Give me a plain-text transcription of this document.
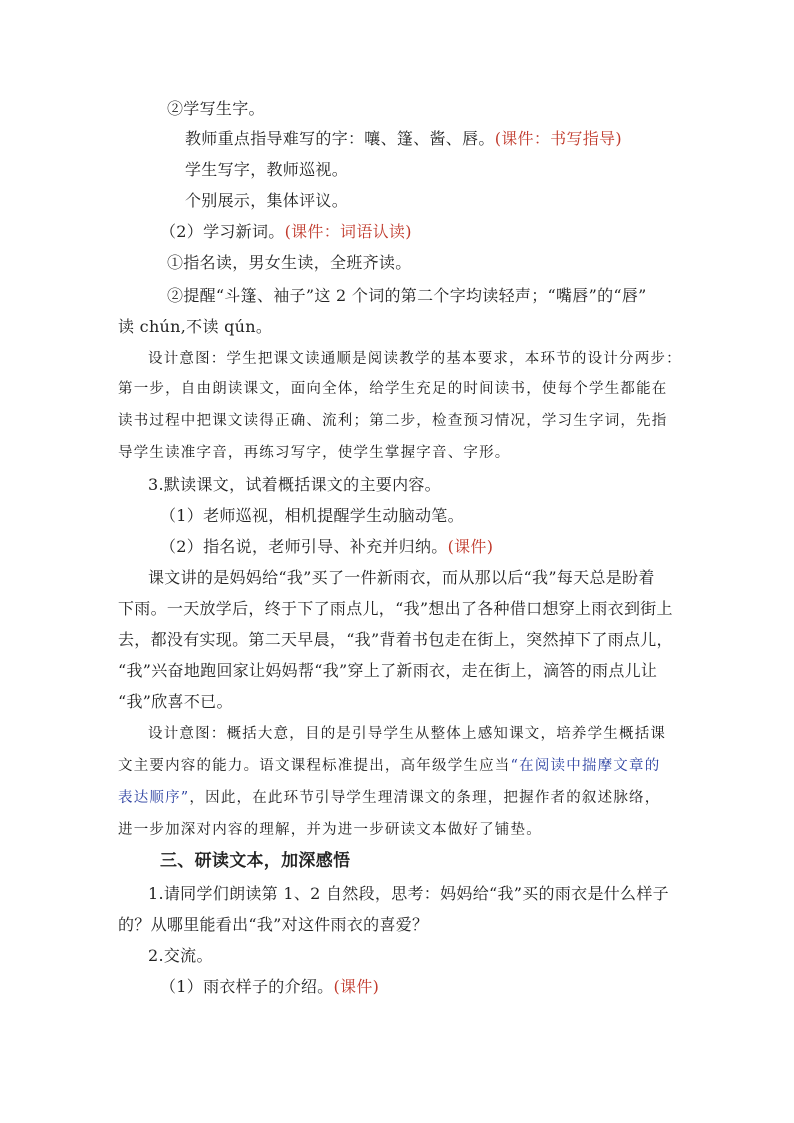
②学写生字。
教师重点指导难写的字：嚷、篷、酱、唇。(课件：书写指导)
学生写字，教师巡视。
个别展示，集体评议。
（2）学习新词。(课件：词语认读)
①指名读，男女生读，全班齐读。
②提醒“斗篷、袖子”这 2 个词的第二个字均读轻声；“嘴唇”的“唇”
读 chún,不读 qún。
设计意图：学生把课文读通顺是阅读教学的基本要求，本环节的设计分两步：
第一步，自由朗读课文，面向全体，给学生充足的时间读书，使每个学生都能在
读书过程中把课文读得正确、流利；第二步，检查预习情况，学习生字词，先指
导学生读准字音，再练习写字，使学生掌握字音、字形。
3.默读课文，试着概括课文的主要内容。
（1）老师巡视，相机提醒学生动脑动笔。
（2）指名说，老师引导、补充并归纳。(课件)
课文讲的是妈妈给“我”买了一件新雨衣，而从那以后“我”每天总是盼着
下雨。一天放学后，终于下了雨点儿，“我”想出了各种借口想穿上雨衣到街上
去，都没有实现。第二天早晨，“我”背着书包走在街上，突然掉下了雨点儿，
“我”兴奋地跑回家让妈妈帮“我”穿上了新雨衣，走在街上，滴答的雨点儿让
“我”欣喜不已。
设计意图：概括大意，目的是引导学生从整体上感知课文，培养学生概括课
文主要内容的能力。语文课程标准提出，高年级学生应当“在阅读中揣摩文章的
表达顺序”，因此，在此环节引导学生理清课文的条理，把握作者的叙述脉络，
进一步加深对内容的理解，并为进一步研读文本做好了铺垫。
三、研读文本，加深感悟
1.请同学们朗读第 1、2 自然段，思考：妈妈给“我”买的雨衣是什么样子
的？从哪里能看出“我”对这件雨衣的喜爱？
2.交流。
（1）雨衣样子的介绍。(课件)
